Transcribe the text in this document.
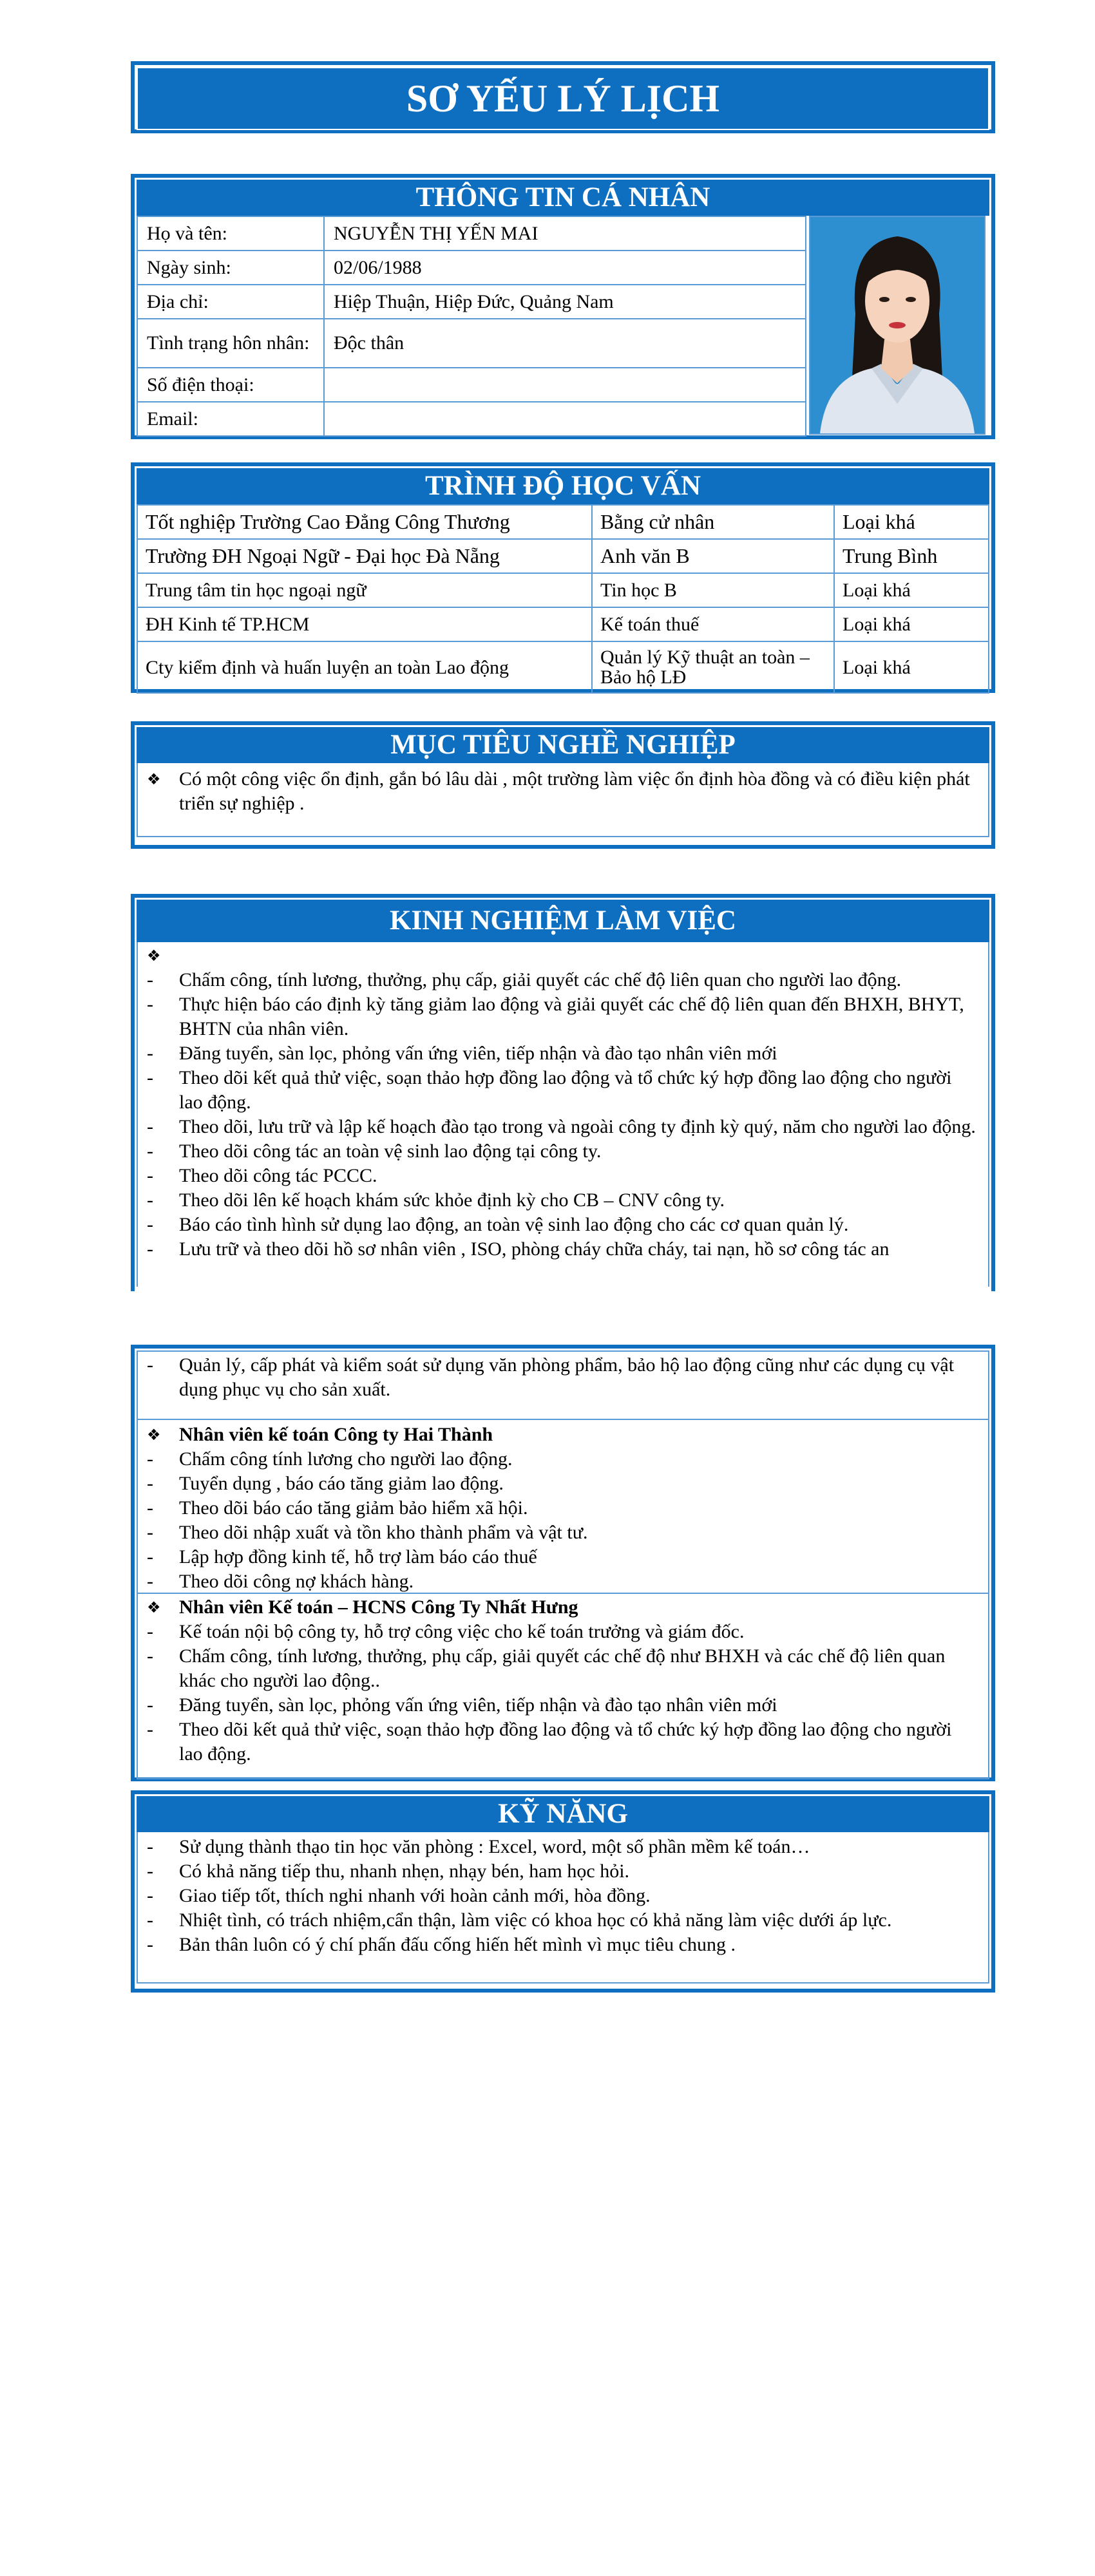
SƠ YẾU LÝ LỊCH
THÔNG TIN CÁ NHÂN
Họ và tên:	NGUYỄN THỊ YẾN MAI
Ngày sinh:	02/06/1988
Địa chỉ:	Hiệp Thuận, Hiệp Đức, Quảng Nam
Tình trạng hôn nhân:	Độc thân
Số điện thoại:	
Email:	
TRÌNH ĐỘ HỌC VẤN
Tốt nghiệp Trường Cao Đẳng Công Thương	Bằng cử nhân	Loại khá
Trường ĐH Ngoại Ngữ - Đại học Đà Nẵng	Anh văn B	Trung Bình
Trung tâm tin học ngoại ngữ	Tin học B	Loại khá
ĐH Kinh tế TP.HCM	Kế toán thuế	Loại khá
Cty kiểm định và huấn luyện an toàn Lao động	Quản lý Kỹ thuật an toàn – Bảo hộ LĐ	Loại khá
MỤC TIÊU NGHỀ NGHIỆP
❖ Có một công việc ổn định, gắn bó lâu dài , một trường làm việc ổn định hòa đồng và có điều kiện phát triển sự nghiệp .
KINH NGHIỆM LÀM VIỆC
❖
-	Chấm công, tính lương, thưởng, phụ cấp, giải quyết các chế độ liên quan cho người lao động.
-	Thực hiện báo cáo định kỳ tăng giảm lao động và giải quyết các chế độ liên quan đến BHXH, BHYT, BHTN của nhân viên.
-	Đăng tuyển, sàn lọc, phỏng vấn ứng viên, tiếp nhận và đào tạo nhân viên mới
-	Theo dõi kết quả thử việc, soạn thảo hợp đồng lao động và tổ chức ký hợp đồng lao động cho người lao động.
-	Theo dõi, lưu trữ và lập kế hoạch đào tạo trong và ngoài công ty định kỳ quý, năm cho người lao động.
-	Theo dõi công tác an toàn vệ sinh lao động tại công ty.
-	Theo dõi công tác PCCC.
-	Theo dõi lên kế hoạch khám sức khỏe định kỳ cho CB – CNV công ty.
-	Báo cáo tình hình sử dụng lao động, an toàn vệ sinh lao động cho các cơ quan quản lý.
-	Lưu trữ và theo dõi hồ sơ nhân viên , ISO, phòng cháy chữa cháy, tai nạn, hồ sơ công tác an
-	Quản lý, cấp phát và kiểm soát sử dụng văn phòng phẩm, bảo hộ lao động cũng như các dụng cụ vật dụng phục vụ cho sản xuất.
❖ Nhân viên kế toán Công ty Hai Thành
-	Chấm công tính lương cho người lao động.
-	Tuyển dụng , báo cáo tăng giảm lao động.
-	Theo dõi báo cáo tăng giảm bảo hiểm xã hội.
-	Theo dõi nhập xuất và tồn kho thành phẩm và vật tư.
-	Lập hợp đồng kinh tế, hỗ trợ làm báo cáo thuế
-	Theo dõi công nợ khách hàng.
❖ Nhân viên Kế toán – HCNS Công Ty Nhất Hưng
-	Kế toán nội bộ công ty, hỗ trợ công việc cho kế toán trưởng và giám đốc.
-	Chấm công, tính lương, thưởng, phụ cấp, giải quyết các chế độ như BHXH và các chế độ liên quan khác cho người lao động..
-	Đăng tuyển, sàn lọc, phỏng vấn ứng viên, tiếp nhận và đào tạo nhân viên mới
-	Theo dõi kết quả thử việc, soạn thảo hợp đồng lao động và tổ chức ký hợp đồng lao động cho người lao động.
KỸ NĂNG
-	Sử dụng thành thạo tin học văn phòng : Excel, word, một số phần mềm kế toán…
-	Có khả năng tiếp thu, nhanh nhẹn, nhạy bén, ham học hỏi.
-	Giao tiếp tốt, thích nghi nhanh với hoàn cảnh mới, hòa đồng.
-	Nhiệt tình, có trách nhiệm,cẩn thận, làm việc có khoa học có khả năng làm việc dưới áp lực.
-	Bản thân luôn có ý chí phấn đấu cống hiến hết mình vì mục tiêu chung .
